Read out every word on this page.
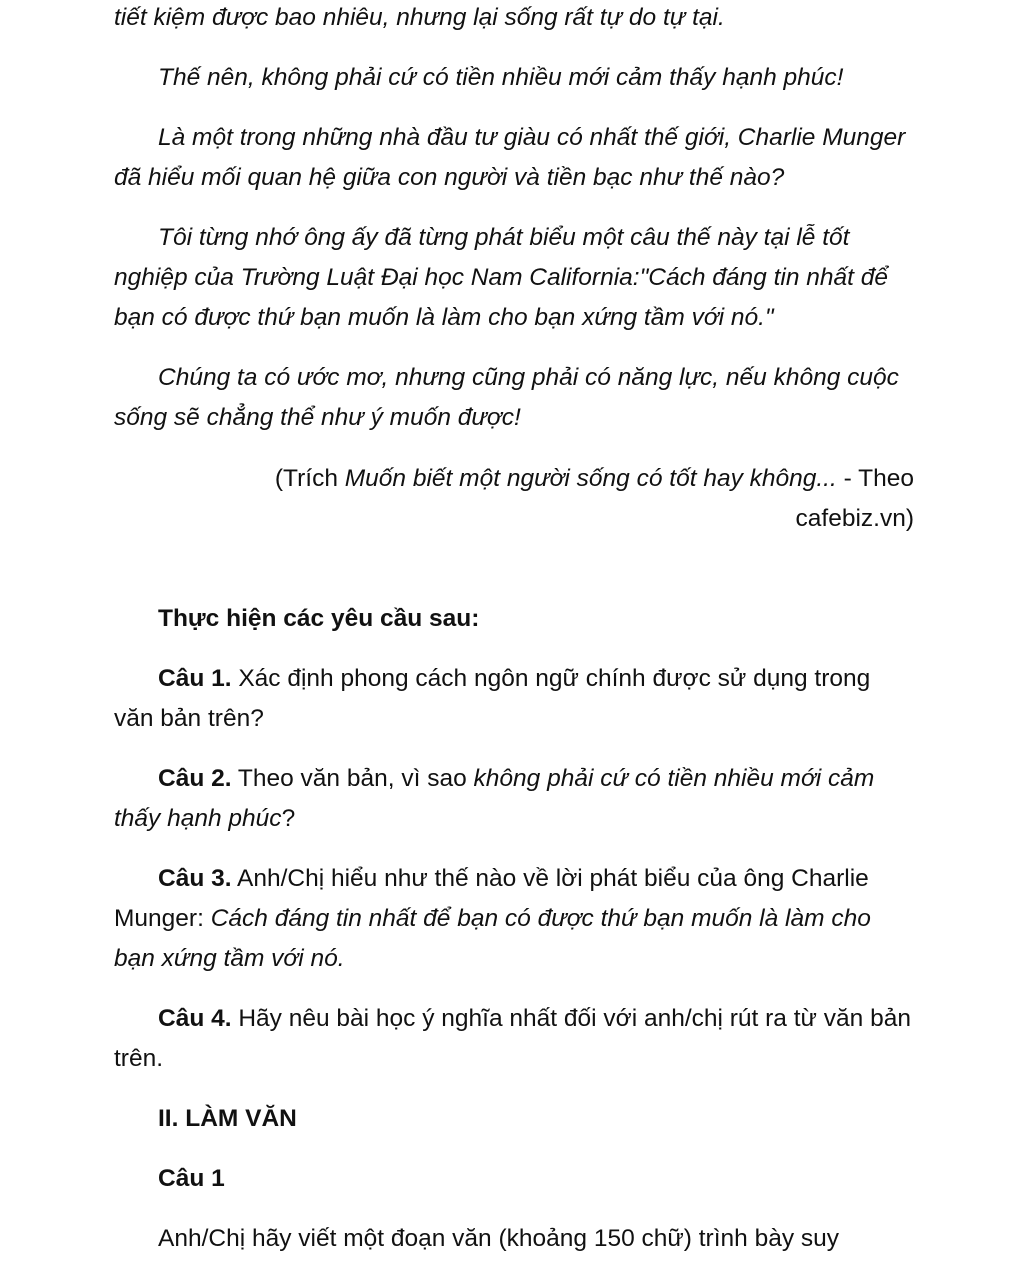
tiết kiệm được bao nhiêu, nhưng lại sống rất tự do tự tại.

Thế nên, không phải cứ có tiền nhiều mới cảm thấy hạnh phúc!

Là một trong những nhà đầu tư giàu có nhất thế giới, Charlie Munger đã hiểu mối quan hệ giữa con người và tiền bạc như thế nào?

Tôi từng nhớ ông ấy đã từng phát biểu một câu thế này tại lễ tốt nghiệp của Trường Luật Đại học Nam California:"Cách đáng tin nhất để bạn có được thứ bạn muốn là làm cho bạn xứng tầm với nó."

Chúng ta có ước mơ, nhưng cũng phải có năng lực, nếu không cuộc sống sẽ chẳng thể như ý muốn được!

(Trích Muốn biết một người sống có tốt hay không... - Theo
cafebiz.vn)

Thực hiện các yêu cầu sau:

Câu 1. Xác định phong cách ngôn ngữ chính được sử dụng trong văn bản trên?

Câu 2. Theo văn bản, vì sao không phải cứ có tiền nhiều mới cảm thấy hạnh phúc?

Câu 3. Anh/Chị hiểu như thế nào về lời phát biểu của ông Charlie Munger: Cách đáng tin nhất để bạn có được thứ bạn muốn là làm cho bạn xứng tầm với nó.

Câu 4. Hãy nêu bài học ý nghĩa nhất đối với anh/chị rút ra từ văn bản trên.

II. LÀM VĂN

Câu 1

Anh/Chị hãy viết một đoạn văn (khoảng 150 chữ) trình bày suy
